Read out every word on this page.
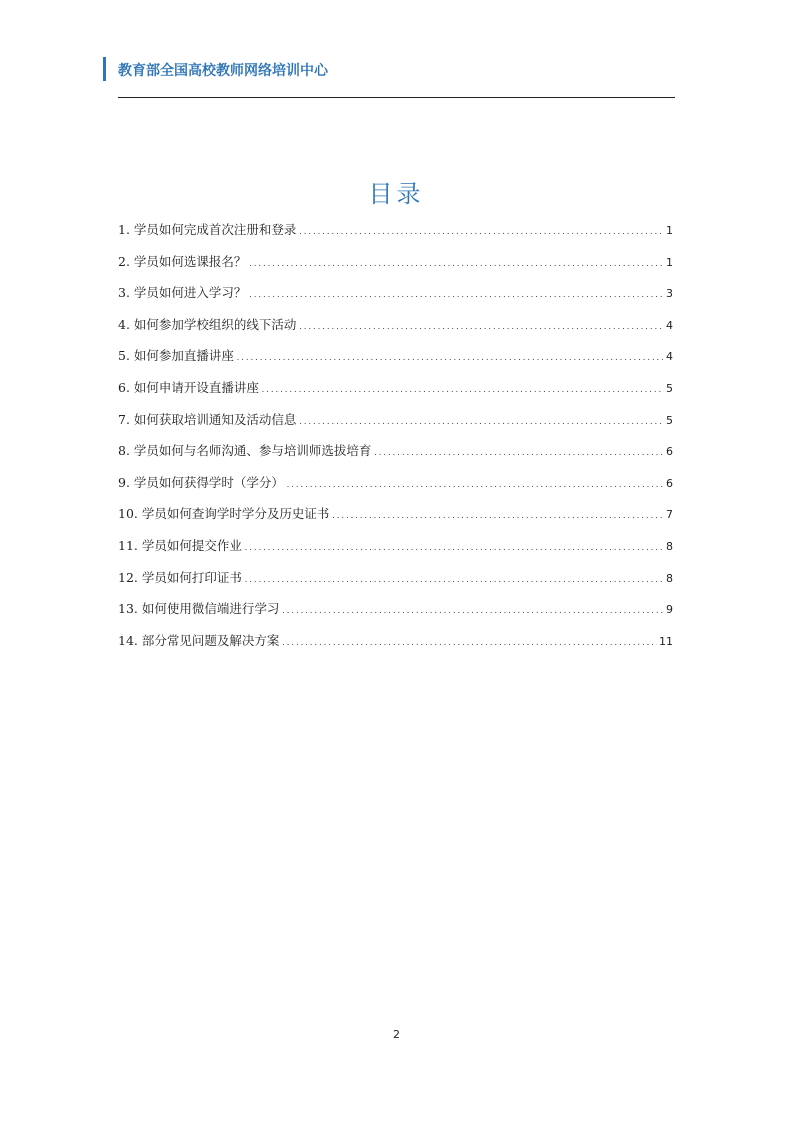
教育部全国高校教师网络培训中心
目录
1. 学员如何完成首次注册和登录 .....	1
2. 学员如何选课报名？ .....	1
3. 学员如何进入学习？ .....	3
4. 如何参加学校组织的线下活动 .....	4
5. 如何参加直播讲座 .....	4
6. 如何申请开设直播讲座 .....	5
7. 如何获取培训通知及活动信息 .....	5
8. 学员如何与名师沟通、参与培训师选拔培育 .....	6
9. 学员如何获得学时（学分） .....	6
10. 学员如何查询学时学分及历史证书 .....	7
11. 学员如何提交作业 .....	8
12. 学员如何打印证书 .....	8
13. 如何使用微信端进行学习 .....	9
14. 部分常见问题及解决方案 .....	11
2
